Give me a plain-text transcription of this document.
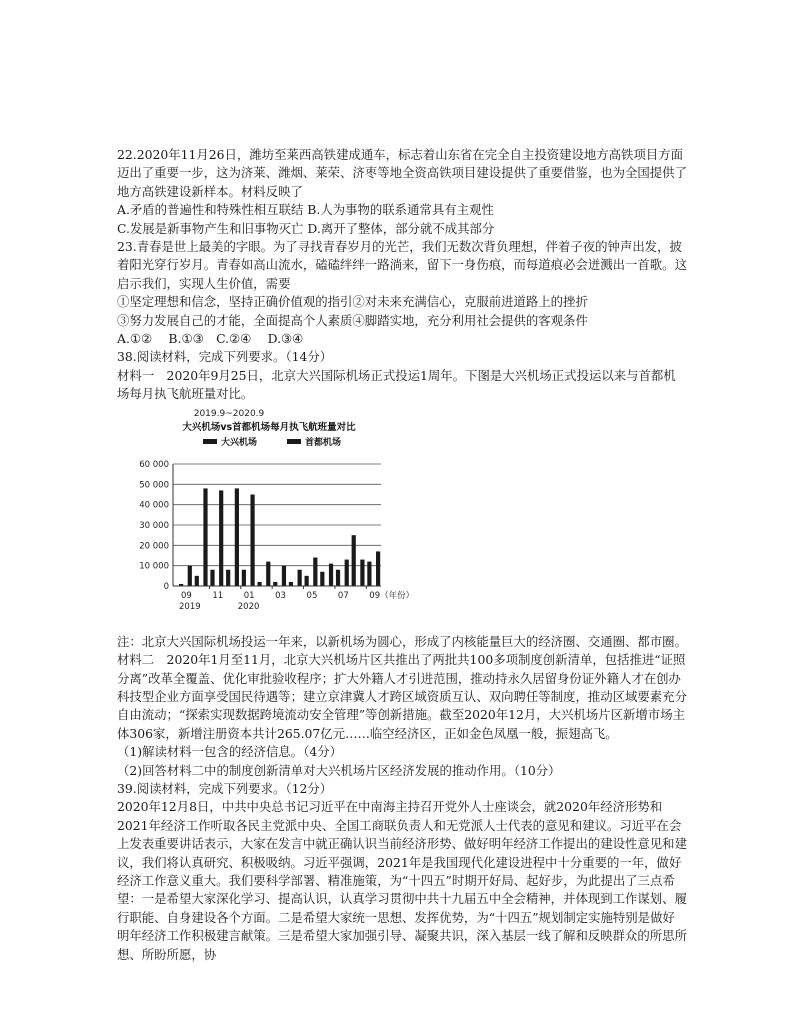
22.2020年11月26日，潍坊至莱西高铁建成通车，标志着山东省在完全自主投资建设地方高铁项目方面迈出了重要一步，这为济莱、潍烟、莱荣、济枣等地全资高铁项目建设提供了重要借鉴，也为全国提供了地方高铁建设新样本。材料反映了

A.矛盾的普遍性和特殊性相互联结 B.人为事物的联系通常具有主观性

C.发展是新事物产生和旧事物灭亡 D.离开了整体，部分就不成其部分

23.青春是世上最美的字眼。为了寻找青春岁月的光芒，我们无数次背负理想，伴着子夜的钟声出发，披着阳光穿行岁月。青春如高山流水，磕磕绊绊一路淌来，留下一身伤痕，而每道痕必会迸溅出一首歌。这启示我们，实现人生价值，需要

①坚定理想和信念，坚持正确价值观的指引②对未来充满信心，克服前进道路上的挫折

③努力发展自己的才能，全面提高个人素质④脚踏实地，充分利用社会提供的客观条件

A.①②　 B.①③　C.②④　 D.③④

38.阅读材料，完成下列要求。（14分）

材料一　2020年9月25日，北京大兴国际机场正式投运1周年。下图是大兴机场正式投运以来与首都机场每月执飞航班量对比。

2019.9~2020.9
大兴机场vs首都机场每月执飞航班量对比
大兴机场	首都机场
60 000
50 000
40 000
30 000
20 000
10 000
0
09 11 01 03 05 07 09（年份）
2019	2020

注：北京大兴国际机场投运一年来，以新机场为圆心，形成了内核能量巨大的经济圈、交通圈、都市圈。

材料二　2020年1月至11月，北京大兴机场片区共推出了两批共100多项制度创新清单，包括推进“证照分离”改革全覆盖、优化审批验收程序；扩大外籍人才引进范围，推动持永久居留身份证外籍人才在创办科技型企业方面享受国民待遇等；建立京津冀人才跨区域资质互认、双向聘任等制度，推动区域要素充分自由流动；“探索实现数据跨境流动安全管理”等创新措施。截至2020年12月，大兴机场片区新增市场主体306家，新增注册资本共计265.07亿元……临空经济区，正如金色凤凰一般，振翅高飞。

（1)解读材料一包含的经济信息。（4分）

（2)回答材料二中的制度创新清单对大兴机场片区经济发展的推动作用。（10分）

39.阅读材料，完成下列要求。（12分）

2020年12月8日，中共中央总书记习近平在中南海主持召开党外人士座谈会，就2020年经济形势和2021年经济工作听取各民主党派中央、全国工商联负责人和无党派人士代表的意见和建议。习近平在会上发表重要讲话表示，大家在发言中就正确认识当前经济形势、做好明年经济工作提出的建设性意见和建议，我们将认真研究、积极吸纳。习近平强调，2021年是我国现代化建设进程中十分重要的一年，做好经济工作意义重大。我们要科学部署、精准施策，为“十四五”时期开好局、起好步，为此提出了三点希望：一是希望大家深化学习、提高认识，认真学习贯彻中共十九届五中全会精神，并体现到工作谋划、履行职能、自身建设各个方面。二是希望大家统一思想、发挥优势，为“十四五”规划制定实施特别是做好明年经济工作积极建言献策。三是希望大家加强引导、凝聚共识，深入基层一线了解和反映群众的所思所想、所盼所愿，协
